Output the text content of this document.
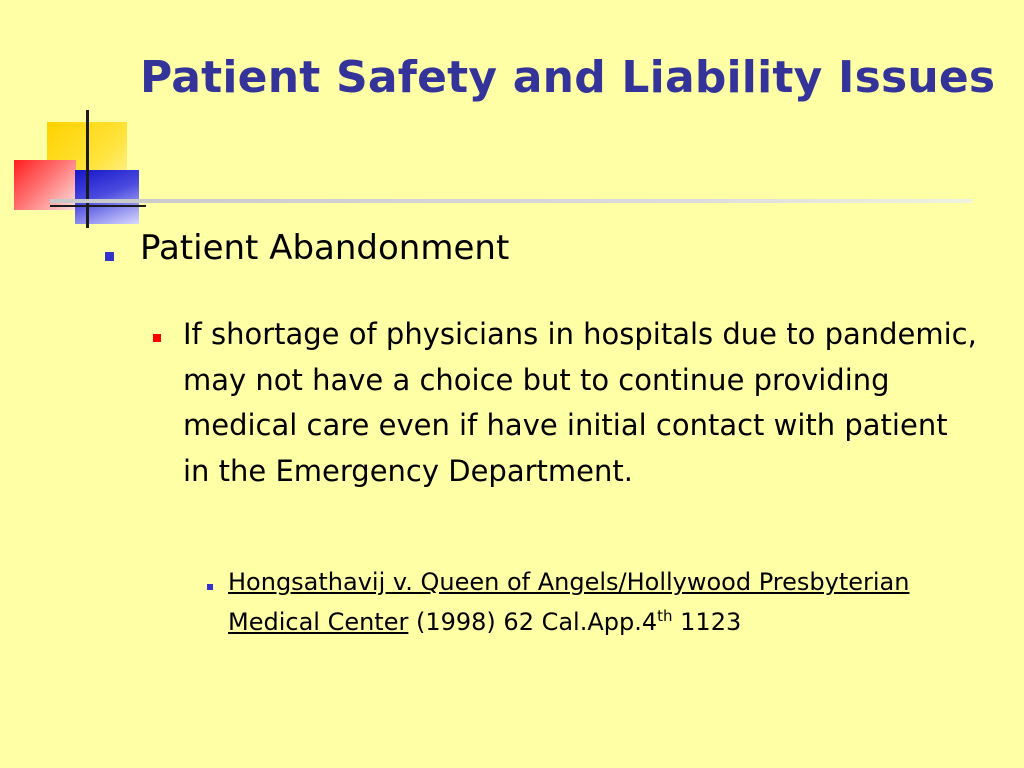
Patient Safety and Liability Issues
Patient Abandonment
If shortage of physicians in hospitals due to pandemic, may not have a choice but to continue providing medical care even if have initial contact with patient in the Emergency Department.
Hongsathavij v. Queen of Angels/Hollywood Presbyterian Medical Center (1998) 62 Cal.App.4th 1123
